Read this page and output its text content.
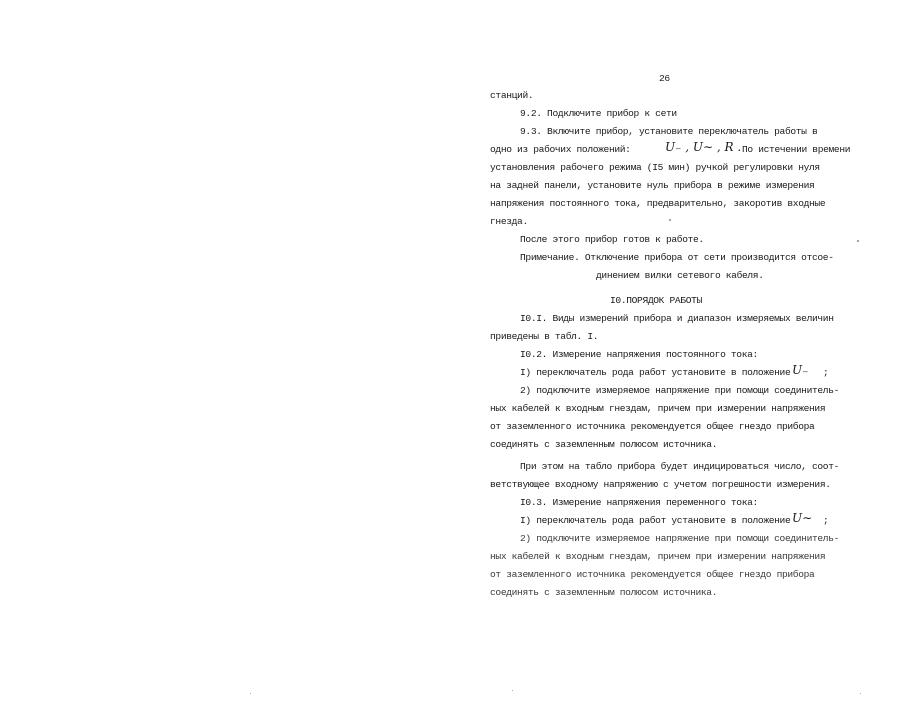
26
станций.
9.2. Подключите прибор к сети
9.3. Включите прибор, установите переключатель работы в
одно из рабочих положений:	U₋ , U∼ , R . По истечении времени
установления рабочего режима (I5 мин) ручкой регулировки нуля
на задней панели, установите нуль прибора в режиме измерения
напряжения постоянного тока, предварительно, закоротив входные
гнезда.
После этого прибор готов к работе.
Примечание. Отключение прибора от сети производится отсое-
динением вилки сетевого кабеля.
I0.ПОРЯДОК РАБОТЫ
I0.I. Виды измерений прибора и диапазон измеряемых величин
приведены в табл. I.
I0.2. Измерение напряжения постоянного тока:
I) переключатель рода работ установите в положение U₋ ;
2) подключите измеряемое напряжение при помощи соединитель-
ных кабелей к входным гнездам, причем при измерении напряжения
от заземленного источника рекомендуется общее гнездо прибора
соединять с заземленным полюсом источника.
При этом на табло прибора будет индицироваться число, соот-
ветствующее входному напряжению с учетом погрешности измерения.
I0.3. Измерение напряжения переменного тока:
I) переключатель рода работ установите в положение U∼ ;
2) подключите измеряемое напряжение при помощи соединитель-
ных кабелей к входным гнездам, причем при измерении напряжения
от заземленного источника рекомендуется общее гнездо прибора
соединять с заземленным полюсом источника.
